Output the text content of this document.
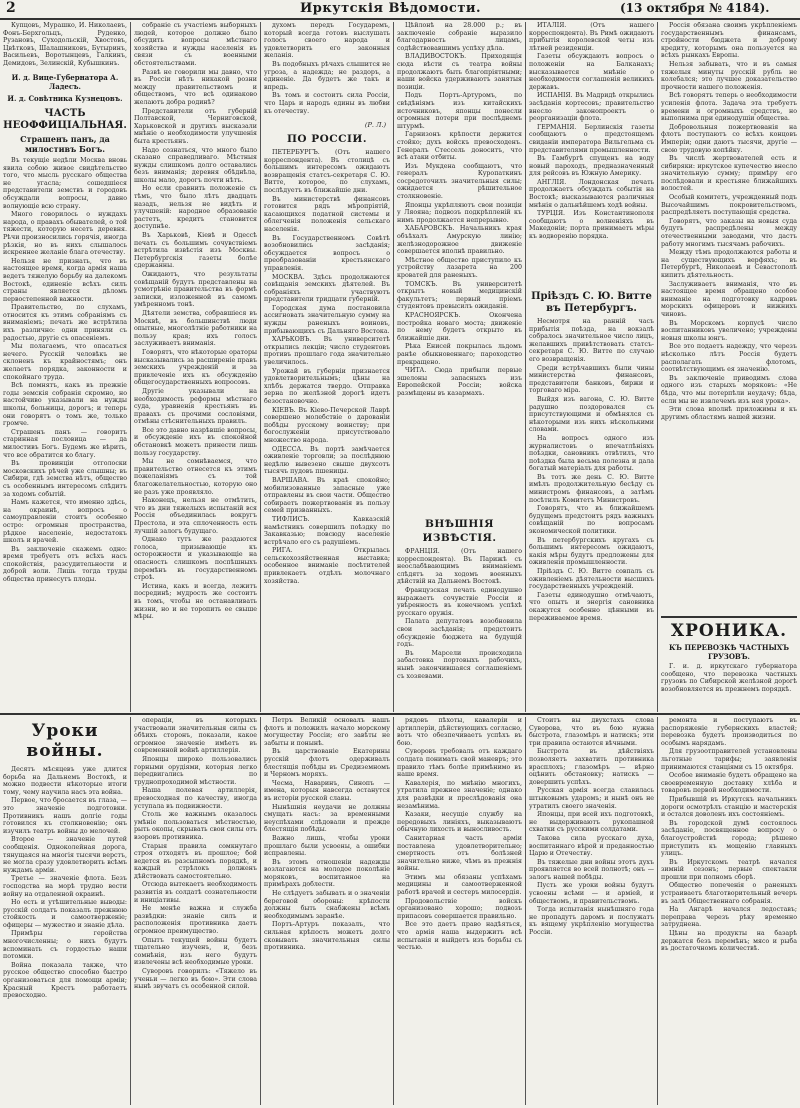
2	Иркутскія Вѣдомости.	(13 октября № 4184).

Купцовъ, Мурашко, И. Николаевъ, Фонъ-Берхгольцъ, Руденко, Рузановъ, Суходольскій, Хвостовъ, Цвѣтковъ, Шалашниковъ, Бутыринъ, Васильевъ, Воротынцевъ, Галкинъ, Демидовъ, Зелинскій, Кубышкинъ.

И. д. Вице-Губернатора А. Ладесъ.
И. д. Совѣтника Кузнецовъ.
ЧАСТЬ НЕОФФИЦІАЛЬНАЯ.
Страшенъ панъ, да милостивъ Богъ.

Въ текущіе недѣли Москва вновь явила собою живое свидѣтельство того, что мысль русскаго общества не угасла; сошедшіеся представители земствъ и городовъ обсуждали вопросы, давно волнующіе всю страну.

Много говорилось о нуждахъ народа, о правахъ обывателей, о той тяжести, которую несетъ деревня. Рѣчи произносились горячія, иногда рѣзкія, но въ нихъ слышалось искреннее желаніе блага отечеству.

Нельзя не признать, что въ настоящее время, когда армія наша ведетъ тяжелую борьбу на далекомъ Востокѣ, единеніе всѣхъ силъ страны является дѣломъ первостепенной важности.

Правительство, по слухамъ, относится къ этимъ собраніямъ съ вниманіемъ; печать же встрѣтила ихъ различно: одни приняли съ радостью, другіе съ опасеніемъ.

Мы полагаемъ, что опасаться нечего. Русскій человѣкъ не склоненъ къ крайностямъ; онъ желаетъ порядка, законности и спокойнаго труда.

Всѣ помнятъ, какъ въ прежніе годы земскія собранія скромно, но настойчиво указывали на нужды школы, больницы, дорогъ; и теперь они говорятъ о томъ же, только громче.

Страшенъ панъ — говоритъ старинная пословица — да милостивъ Богъ. Будемъ же вѣрить, что все обратится ко благу.

Въ провинціи отголоски московскихъ рѣчей уже слышны; въ Сибири, гдѣ земства нѣтъ, общество съ особеннымъ интересомъ слѣдитъ за ходомъ событій.

Намъ кажется, что именно здѣсь, на окраинѣ, вопросъ о самоуправленіи стоитъ особенно остро: огромныя пространства, рѣдкое населеніе, недостатокъ школъ и врачей.

Въ заключеніе скажемъ одно: время требуетъ отъ всѣхъ насъ спокойствія, разсудительности и доброй воли. Лишь тогда труды общества принесутъ плоды.

собраніе съ участіемъ выборныхъ людей, которое должно было обсудить вопросы мѣстнаго хозяйства и нужды населенія въ связи съ военными обстоятельствами.

Развѣ не говорили мы давно, что въ Россіи нѣтъ никакой розни между правительствомъ и обществомъ, что всѣ одинаково желаютъ добра родинѣ?

Представители отъ губерній Полтавской, Черниговской, Харьковской и другихъ высказали мнѣніе о необходимости улучшенія быта крестьянъ.

Надо сознаться, что много было сказано справедливаго. Мѣстныя нужды слишкомъ долго оставались безъ вниманія; деревня обѣднѣла, школы мало, дорогъ почти нѣтъ.

Но если сравнить положеніе съ тѣмъ, что было лѣтъ двадцать назадъ, нельзя не видѣть и улучшеній: народное образованіе растетъ, кредитъ становится доступнѣе.

Въ Харьковѣ, Кіевѣ и Одессѣ печать съ большимъ сочувствіемъ встрѣтила извѣстія изъ Москвы. Петербургскія газеты болѣе сдержанны.

Ожидаютъ, что результаты совѣщаній будутъ представлены на усмотрѣніе правительства въ формѣ записки, изложенной въ самомъ умѣренномъ тонѣ.

Дѣятели земства, собравшіеся въ Москвѣ, въ большинствѣ люди опытные, многолѣтніе работники на пользу края; ихъ голосъ заслуживаетъ вниманія.

Говорятъ, что нѣкоторые ораторы высказывались за расширеніе правъ земскихъ учрежденій и за привлеченіе ихъ къ обсужденію общегосударственныхъ вопросовъ.

Другіе указывали на необходимость реформы мѣстнаго суда, уравненія крестьянъ въ правахъ съ прочими сословіями, отмѣны стѣснительныхъ правилъ.

Все это давно назрѣвшіе вопросы, и обсужденіе ихъ въ спокойной обстановкѣ можетъ принести лишь пользу государству.

Мы не сомнѣваемся, что правительство отнесется къ этимъ пожеланіямъ съ той благожелательностью, которую оно не разъ уже проявляло.

Наконецъ, нельзя не отмѣтить, что въ дни тяжелыхъ испытаній вся Россія объединилась вокругъ Престола, и эта сплоченность есть лучшій залогъ будущаго.

Однако тутъ же раздаются голоса, призывающіе къ осторожности и указывающіе на опасность слишкомъ поспѣшныхъ перемѣнъ въ государственномъ строѣ.

Истина, какъ и всегда, лежитъ посрединѣ; мудрость же состоитъ въ томъ, чтобы не останавливать жизни, но и не торопить ее свыше мѣры.

духомъ передъ Государемъ, который всегда готовъ выслушать голосъ своего народа и удовлетворить его законныя желанія.

Въ подобныхъ рѣчахъ слышится не угроза, а надежда; не раздоръ, а единеніе. Да будетъ же такъ и впредь.

Въ томъ и состоитъ сила Россіи, что Царь и народъ едины въ любви къ отечеству.

(Р. Л.)
ПО РОССІИ.

ПЕТЕРБУРГЪ. (Отъ нашего корреспондента). Въ столицѣ съ большимъ интересомъ ожидаютъ возвращенія статсъ-секретаря С. Ю. Витте, которое, по слухамъ, послѣдуетъ въ ближайшіе дни.

Въ министерствѣ финансовъ готовится рядъ мѣропріятій, касающихся податной системы и облегченія положенія сельскаго населенія.

Въ Государственномъ Совѣтѣ возобновились засѣданія; обсуждается вопросъ о преобразованіи крестьянскаго управленія.

МОСКВА. Здѣсь продолжаются совѣщанія земскихъ дѣятелей. Въ собраніяхъ участвуютъ представители тридцати губерній.

Городская дума постановила ассигновать значительную сумму на нужды раненыхъ воиновъ, прибывающихъ съ Дальняго Востока.

ХАРЬКОВЪ. Въ университетѣ открылись лекціи; число студентовъ противъ прошлаго года значительно увеличилось.

Урожай въ губерніи признается удовлетворительнымъ; цѣны на хлѣбъ держатся твердо. Отправка зерна по желѣзной дорогѣ идетъ безостановочно.

КІЕВЪ. Въ Кіево-Печерской Лаврѣ совершено молебствіе о дарованіи побѣды русскому воинству; при богослуженіи присутствовало множество народа.

ОДЕССА. Въ портѣ замѣчается оживленіе торговли; за послѣднюю недѣлю вывезено свыше двухсотъ тысячъ пудовъ пшеницы.

ВАРШАВА. Въ краѣ спокойно; мобилизованные запасные уже отправлены въ свои части. Общество собираетъ пожертвованія въ пользу семей призванныхъ.

ТИФЛИСЪ. Кавказскій намѣстникъ совершилъ поѣздку по Закавказью; повсюду населеніе встрѣчало его съ радушіемъ.

РИГА. Открылась сельскохозяйственная выставка; особенное вниманіе посѣтителей привлекаетъ отдѣлъ молочнаго хозяйства.

Цѣйлонѣ на 28.000 р.; въ заключеніе собраніе выразило благодарность лицамъ, содѣйствовавшимъ успѣху дѣла.

ВЛАДИВОСТОКЪ. Приходящія сюда вѣсти съ театра войны продолжаютъ быть благопріятными; наши войска удерживаютъ занятыя позиціи.

Подъ Портъ-Артуромъ, по свѣдѣніямъ изъ китайскихъ источниковъ, японцы понесли огромныя потери при послѣднемъ штурмѣ.

Гарнизонъ крѣпости держится стойко; духъ войскъ превосходенъ. Генералъ Стессель доноситъ, что всѣ атаки отбиты.

Изъ Мукдена сообщаютъ, что генералъ Куропаткинъ сосредоточилъ значительныя силы; ожидается рѣшительное столкновеніе.

Японцы укрѣпляютъ свои позиціи у Ляояна; подвозъ подкрѣпленій къ нимъ продолжается непрерывно.

ХАБАРОВСКЪ. Начальникъ края объѣхалъ Амурскую линію; желѣзнодорожное движеніе совершается вполнѣ правильно.

Мѣстное общество приступило къ устройству лазарета на 200 кроватей для раненыхъ.

ТОМСКЪ. Въ университетѣ открытъ новый медицинскій факультетъ; первый пріемъ студентовъ превысилъ ожиданія.

КРАСНОЯРСКЪ. Окончена постройка новаго моста; движеніе по нему будетъ открыто въ ближайшіе дни.

Рѣка Енисей покрылась льдомъ ранѣе обыкновеннаго; пароходство прекращено.

ЧИТА. Сюда прибыли первые эшелоны запасныхъ изъ Европейской Россіи; войска размѣщены въ казармахъ.

ВНѢШНІЯ ИЗВѢСТІЯ.

ФРАНЦІЯ. (Отъ нашего корреспондента). Въ Парижѣ съ неослабѣвающимъ вниманіемъ слѣдятъ за ходомъ военныхъ дѣйствій на Дальнемъ Востокѣ.

Французская печать единодушно выражаетъ сочувствіе Россіи и увѣренность въ конечномъ успѣхѣ русскаго оружія.

Палата депутатовъ возобновила свои засѣданія; предстоитъ обсужденіе бюджета на будущій годъ.

Въ Марсели происходила забастовка портовыхъ рабочихъ, нынѣ закончившаяся соглашеніемъ съ хозяевами.

ИТАЛІЯ. (Отъ нашего корреспондента). Въ Римѣ ожидаютъ прибытія королевской четы изъ лѣтней резиденціи.

Газеты обсуждаютъ вопросъ о положеніи на Балканахъ; высказывается мнѣніе о необходимости соглашенія великихъ державъ.

ИСПАНІЯ. Въ Мадридѣ открылись засѣданія кортесовъ; правительство внесло законопроектъ о реорганизаціи флота.

ГЕРМАНІЯ. Берлинскія газеты сообщаютъ о предстоящемъ свиданіи императора Вильгельма съ представителями промышленности.

Въ Гамбургѣ спущенъ на воду новый пароходъ, предназначенный для рейсовъ въ Южную Америку.

АНГЛІЯ. Лондонская печать продолжаетъ обсуждать событія на Востокѣ; высказываются различныя мнѣнія о дальнѣйшемъ ходѣ войны.

ТУРЦІЯ. Изъ Константинополя сообщаютъ о волненіяхъ въ Македоніи; порта принимаетъ мѣры къ водворенію порядка.

Прiѣздъ С. Ю. Витте въ Петербургъ.

Несмотря на ранній часъ прибытія поѣзда, на вокзалѣ собралось значительное число лицъ, желавшихъ привѣтствовать статсъ-секретаря С. Ю. Витте по случаю его возвращенія.

Среди встрѣчавшихъ были чины министерства финансовъ, представители банковъ, биржи и торговаго міра.

Выйдя изъ вагона, С. Ю. Витте радушно поздоровался съ присутствующими и обмѣнялся съ нѣкоторыми изъ нихъ нѣсколькими словами.

На вопросъ одного изъ журналистовъ о впечатлѣніяхъ поѣздки, сановникъ отвѣтилъ, что поѣздка была весьма полезна и дала богатый матеріалъ для работы.

Въ тотъ же день С. Ю. Витте имѣлъ продолжительную бесѣду съ министромъ финансовъ, а затѣмъ посѣтилъ Комитетъ Министровъ.

Говорятъ, что въ ближайшемъ будущемъ предстоитъ рядъ важныхъ совѣщаній по вопросамъ экономической политики.

Въ петербургскихъ кругахъ съ большимъ интересомъ ожидаютъ, какія мѣры будутъ предложены для оживленія промышленности.

Пріѣздъ С. Ю. Витте совпалъ съ оживленіемъ дѣятельности высшихъ государственныхъ учрежденій.

Газеты единодушно отмѣчаютъ, что опытъ и энергія сановника окажутся особенно цѣнными въ переживаемое время.

Россія обязана своимъ укрѣпленіемъ государственнымъ финансамъ, стройности бюджета и доброму кредиту, которымъ она пользуется на всѣхъ рынкахъ Европы.

Нельзя забывать, что и въ самыя тяжелыя минуты русскій рубль не колебался; это лучшее доказательство прочности нашего положенія.

Всѣ говорятъ теперь о необходимости усиленія флота. Задача эта требуетъ времени и огромныхъ средствъ, но выполнима при единодушіи общества.

Добровольныя пожертвованія на флотъ поступаютъ со всѣхъ концовъ Имперіи; одни даютъ тысячи, другіе — свою трудовую копѣйку.

Въ числѣ жертвователей есть и сибиряки: иркутское купечество внесло значительную сумму; примѣру его послѣдовали и крестьяне ближайшихъ волостей.

Особый комитетъ, учрежденный подъ Высочайшимъ покровительствомъ, распредѣляетъ поступающія средства.

Говорятъ, что заказы на новыя суда будутъ распредѣлены между отечественными заводами, что дастъ работу многимъ тысячамъ рабочихъ.

Между тѣмъ продолжаются работы и на существующихъ верфяхъ; въ Петербургѣ, Николаевѣ и Севастополѣ кипитъ дѣятельность.

Заслуживаетъ вниманія, что въ настоящее время обращено особое вниманіе на подготовку кадровъ морскихъ офицеровъ и нижнихъ чиновъ.

Въ Морскомъ корпусѣ число воспитанниковъ увеличено; учреждены новыя школы юнгъ.

Все это подаетъ надежду, что черезъ нѣсколько лѣтъ Россія будетъ располагать флотомъ, соотвѣтствующимъ ея значенію.

Въ заключеніе приводимъ слова одного изъ старыхъ моряковъ: «Не бѣда, что мы потерпѣли неудачу; бѣда, если мы не извлечемъ изъ нея урока».

Эти слова вполнѣ приложимы и къ другимъ областямъ нашей жизни.

ХРОНИКА.
КЪ ПЕРЕВОЗКѢ ЧАСТНЫХЪ ГРУЗОВЪ.

Г. и. д. иркутскаго губернатора сообщено, что перевозка частныхъ грузовъ по Сибирской желѣзной дорогѣ возобновляется въ прежнемъ порядкѣ.

Уроки войны.

Десятъ мѣсяцевъ уже длится борьба на Дальнемъ Востокѣ, и можно подвести нѣкоторые итоги тому, чему научила насъ эта война.

Первое, что бросается въ глаза, — это значеніе подготовки. Противникъ нашъ долгіе годы готовился къ столкновенію; онъ изучилъ театръ войны до мелочей.

Второе — значеніе путей сообщенія. Одноколейная дорога, тянущаяся на многія тысячи верстъ, не могла сразу удовлетворить всѣмъ нуждамъ арміи.

Третье — значеніе флота. Безъ господства на морѣ трудно вести войну на отдаленной окраинѣ.

Но есть и утѣшительные выводы: русскій солдатъ показалъ прежнюю стойкость и самоотверженіе; офицеры — мужество и знаніе дѣла.

Примѣры геройства многочисленны; о нихъ будутъ вспоминать съ гордостью наши потомки.

Война показала также, что русское общество способно быстро организоваться для помощи арміи; Красный Крестъ работаетъ превосходно.

операціи, въ которыхъ участвовали значительныя силы съ обѣихъ сторонъ, показали, какое огромное значеніе имѣетъ въ современной войнѣ артиллерія.

Японцы широко пользовались горными орудіями, которыя легко передвигались по труднопроходимой мѣстности.

Наша полевая артиллерія, превосходная по качеству, иногда уступала въ подвижности.

Столь же важнымъ оказалось умѣніе пользоваться мѣстностью, рыть окопы, скрывать свои силы отъ взоровъ противника.

Старыя правила сомкнутаго строя отходятъ въ прошлое; бой ведется въ разсыпномъ порядкѣ, и каждый стрѣлокъ долженъ дѣйствовать самостоятельно.

Отсюда вытекаетъ необходимость развитія въ солдатѣ сознательности и иниціативы.

Не менѣе важна и служба развѣдки: знаніе силъ и расположенія противника даетъ огромное преимущество.

Опытъ текущей войны будетъ тщательно изученъ, и, безъ сомнѣнія, изъ него будутъ извлечены всѣ необходимые уроки.

Суворовъ говорилъ: «Тяжело въ ученьи — легко въ бою». Эти слова нынѣ звучатъ съ особенной силой.

Петръ Великій основалъ нашъ флотъ и положилъ начало морскому могуществу Россіи; его завѣты не забыты и понынѣ.

Въ царствованіе Екатерины русскій флотъ одерживалъ блестящія побѣды въ Средиземномъ и Черномъ моряхъ.

Чесма, Наваринъ, Синопъ — имена, которыя навсегда останутся въ исторіи русской славы.

Нынѣшнія неудачи не должны смущать насъ: за временными неуспѣхами слѣдовали и прежде блестящія побѣды.

Важно лишь, чтобы уроки прошлаго были усвоены, а ошибки исправлены.

Въ этомъ отношеніи надежды возлагаются на молодое поколѣніе моряковъ, воспитанное на примѣрахъ доблести.

Не слѣдуетъ забывать и о значеніи береговой обороны: крѣпости должны быть снабжены всѣмъ необходимымъ заранѣе.

Портъ-Артуръ показалъ, что сильная крѣпость можетъ долго сковывать значительныя силы противника.

рядовъ пѣхоты, кавалеріи и артиллеріи, дѣйствующихъ согласно, вотъ что обезпечиваетъ успѣхъ въ бою.

Суворовъ требовалъ отъ каждаго солдата понимать свой маневръ; это правило тѣмъ болѣе примѣнимо въ наше время.

Кавалерія, по мнѣнію многихъ, утратила прежнее значеніе; однако для развѣдки и преслѣдованія она незамѣнима.

Казаки, несущіе службу на передовыхъ линіяхъ, выказываютъ обычную лихость и выносливость.

Санитарная часть арміи поставлена удовлетворительно; смертность отъ болѣзней значительно ниже, чѣмъ въ прежнія войны.

Этимъ мы обязаны успѣхамъ медицины и самоотверженной работѣ врачей и сестеръ милосердія.

Продовольствіе войскъ организовано хорошо; подвозъ припасовъ совершается правильно.

Все это даетъ право надѣяться, что армія наша выдержитъ всѣ испытанія и выйдетъ изъ борьбы съ честью.

Стоитъ вы двухстахъ слова Суворова, что въ бою нужна быстрота, глазомѣръ и натискъ; эти три правила остаются вѣчными.

Быстрота въ дѣйствіяхъ позволяетъ захватить противника врасплохъ; глазомѣръ — вѣрно оцѣнить обстановку; натискъ — довершить успѣхъ.

Русская армія всегда славилась штыковымъ ударомъ; и нынѣ онъ не утратилъ своего значенія.

Японцы, при всей ихъ подготовкѣ, не выдерживаютъ рукопашной схватки съ русскими солдатами.

Такова сила русскаго духа, воспитаннаго вѣрой и преданностью Царю и Отечеству.

Въ тяжелые дни войны этотъ духъ проявляется во всей полнотѣ; онъ — залогъ нашей побѣды.

Пусть же уроки войны будутъ усвоены всѣми — и арміей, и обществомъ, и правительствомъ.

Тогда испытанія нынѣшняго года не пропадутъ даромъ и послужатъ къ вящему укрѣпленію могущества Россіи.

ремонта и поступаютъ въ распоряженіе губернскихъ властей; перевозка будетъ производиться по особымъ нарядамъ.

Для грузоотправителей установлены льготные тарифы; заявленія принимаются станціями съ 15 октября.

Особое вниманіе будетъ обращено на своевременную доставку хлѣба и товаровъ первой необходимости.

Прибывшій въ Иркутскъ начальникъ дороги осмотрѣлъ станцію и мастерскія и остался доволенъ ихъ состояніемъ.

Въ городской думѣ состоялось засѣданіе, посвященное вопросу о благоустройствѣ города; рѣшено приступить къ мощенію главныхъ улицъ.

Въ Иркутскомъ театрѣ начался зимній сезонъ; первые спектакли прошли при полномъ сборѣ.

Общество попеченія о раненыхъ устраиваетъ благотворительный вечеръ въ залѣ Общественнаго собранія.

На Ангарѣ начался ледоставъ; переправа черезъ рѣку временно затруднена.

Цѣны на продукты на базарѣ держатся безъ перемѣнъ; мясо и рыба въ достаточномъ количествѣ.
